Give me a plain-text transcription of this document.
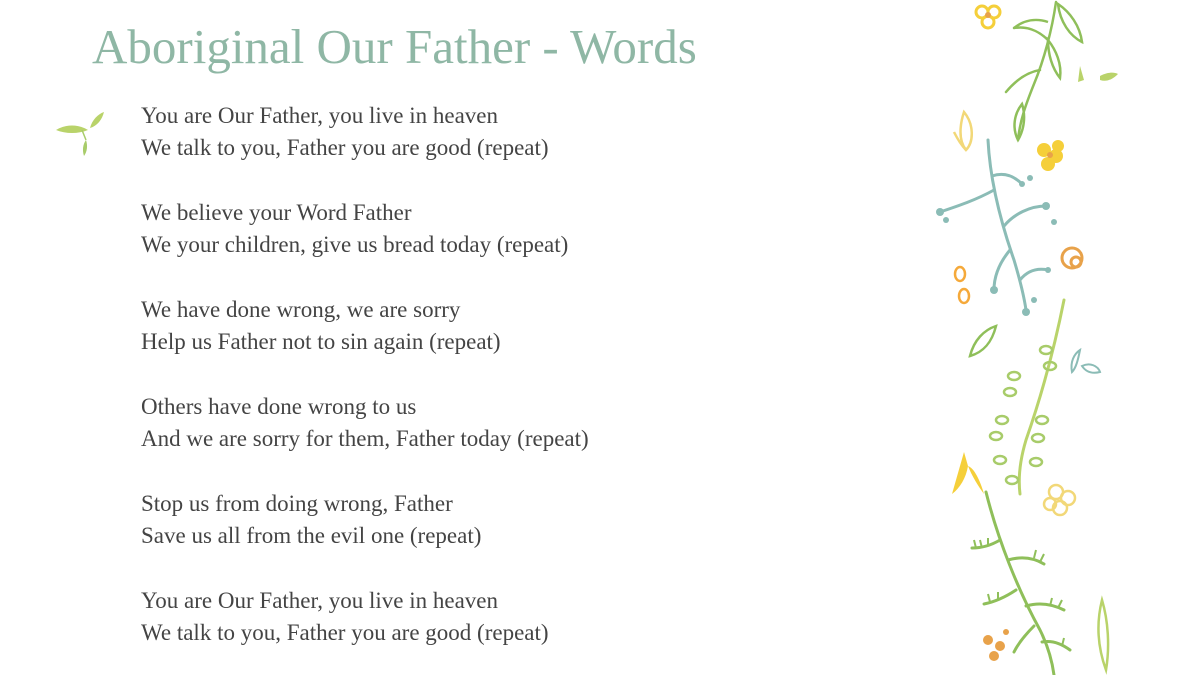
Aboriginal Our Father - Words
You are Our Father, you live in heaven
We talk to you, Father you are good (repeat)
We believe your Word Father
We your children, give us bread today (repeat)
We have done wrong, we are sorry
Help us Father not to sin again (repeat)
Others have done wrong to us
And we are sorry for them, Father today (repeat)
Stop us from doing wrong, Father
Save us all from the evil one (repeat)
You are Our Father, you live in heaven
We talk to you, Father you are good (repeat)
